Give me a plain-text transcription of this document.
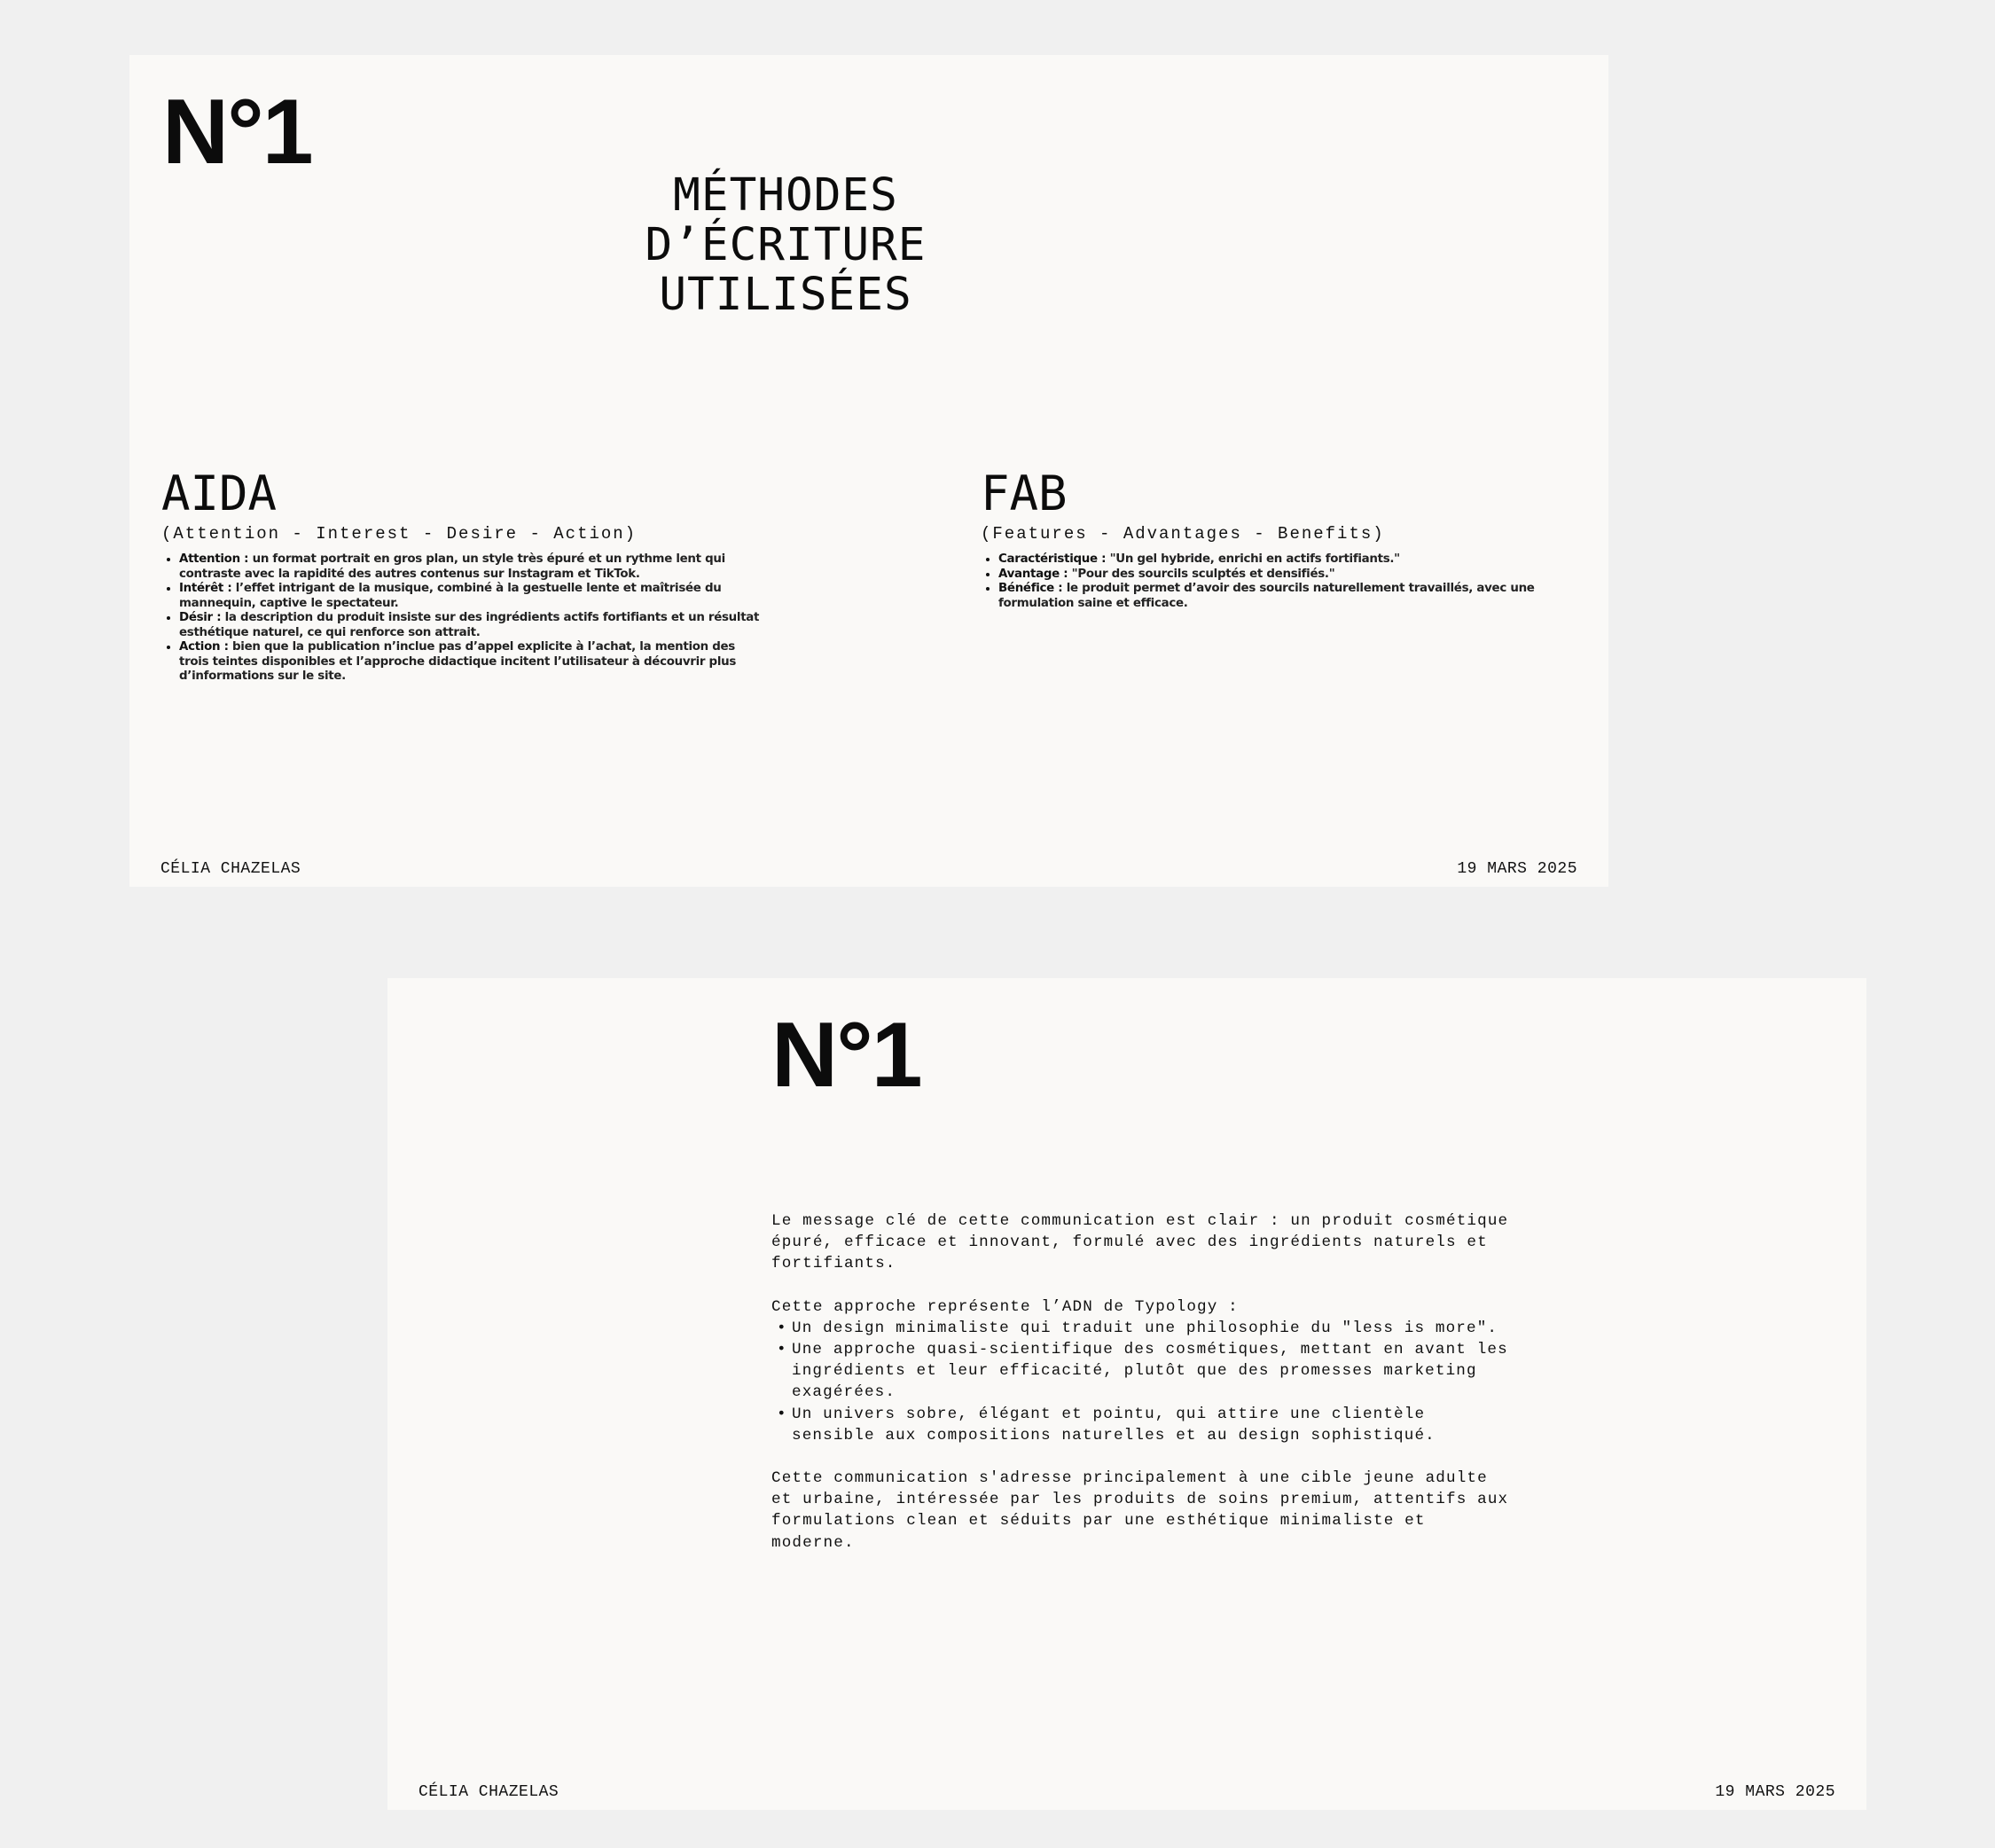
N°1
MÉTHODES D’ÉCRITURE
UTILISÉES
AIDA
(Attention - Interest - Desire - Action)
• Attention : un format portrait en gros plan, un style très épuré et un rythme lent qui contraste avec la rapidité des autres contenus sur Instagram et TikTok.
• Intérêt : l’effet intrigant de la musique, combiné à la gestuelle lente et maîtrisée du mannequin, captive le spectateur.
• Désir : la description du produit insiste sur des ingrédients actifs fortifiants et un résultat esthétique naturel, ce qui renforce son attrait.
• Action : bien que la publication n’inclue pas d’appel explicite à l’achat, la mention des trois teintes disponibles et l’approche didactique incitent l’utilisateur à découvrir plus d’informations sur le site.
FAB
(Features - Advantages - Benefits)
• Caractéristique : "Un gel hybride, enrichi en actifs fortifiants."
• Avantage : "Pour des sourcils sculptés et densifiés."
• Bénéfice : le produit permet d’avoir des sourcils naturellement travaillés, avec une formulation saine et efficace.
CÉLIA CHAZELAS	19 MARS 2025
N°1

Le message clé de cette communication est clair : un produit cosmétique épuré, efficace et innovant, formulé avec des ingrédients naturels et fortifiants.

Cette approche représente l’ADN de Typology :

• Un design minimaliste qui traduit une philosophie du "less is more".
• Une approche quasi-scientifique des cosmétiques, mettant en avant les ingrédients et leur efficacité, plutôt que des promesses marketing exagérées.
• Un univers sobre, élégant et pointu, qui attire une clientèle sensible aux compositions naturelles et au design sophistiqué.

Cette communication s'adresse principalement à une cible jeune adulte et urbaine, intéressée par les produits de soins premium, attentifs aux formulations clean et séduits par une esthétique minimaliste et moderne.

CÉLIA CHAZELAS	19 MARS 2025
